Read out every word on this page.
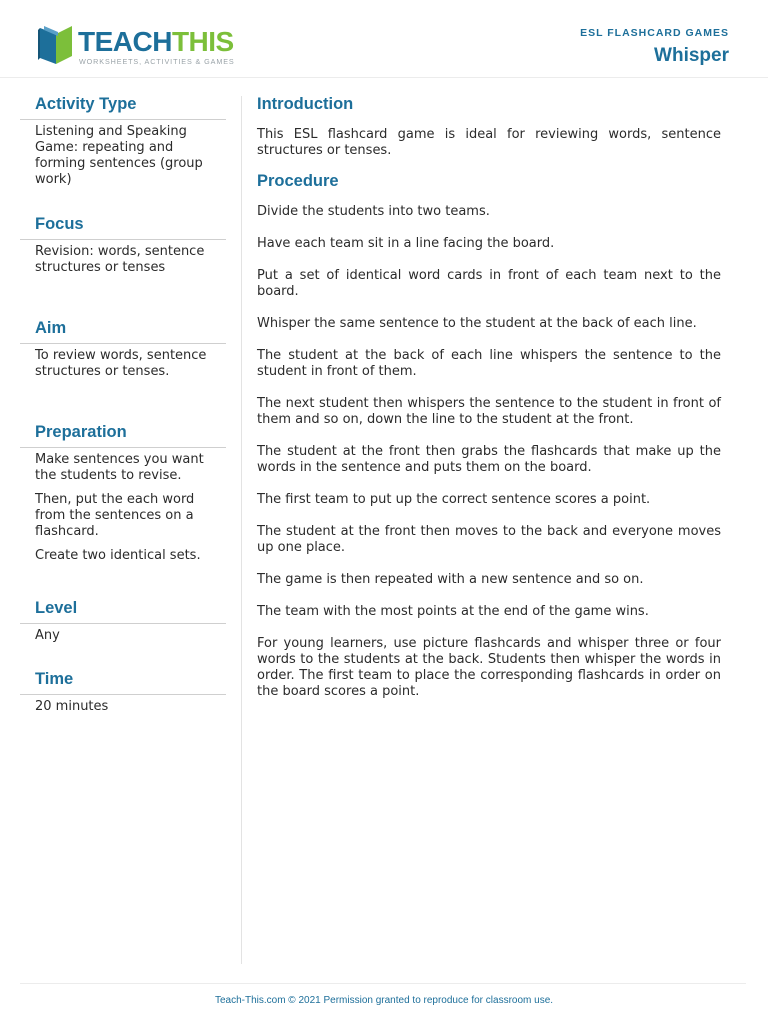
TEACHTHIS
WORKSHEETS, ACTIVITIES & GAMES
ESL FLASHCARD GAMES
Whisper
Activity Type

Listening and Speaking Game: repeating and forming sentences (group work)

Focus

Revision: words, sentence structures or tenses

Aim

To review words, sentence structures or tenses.

Preparation

Make sentences you want the students to revise.

Then, put the each word from the sentences on a flashcard.

Create two identical sets.

Level

Any

Time

20 minutes

Introduction

This ESL flashcard game is ideal for reviewing words, sentence structures or tenses.

Procedure

Divide the students into two teams.

Have each team sit in a line facing the board.

Put a set of identical word cards in front of each team next to the board.

Whisper the same sentence to the student at the back of each line.

The student at the back of each line whispers the sentence to the student in front of them.

The next student then whispers the sentence to the student in front of them and so on, down the line to the student at the front.

The student at the front then grabs the flashcards that make up the words in the sentence and puts them on the board.

The first team to put up the correct sentence scores a point.

The student at the front then moves to the back and everyone moves up one place.

The game is then repeated with a new sentence and so on.

The team with the most points at the end of the game wins.

For young learners, use picture flashcards and whisper three or four words to the students at the back. Students then whisper the words in order. The first team to place the corresponding flashcards in order on the board scores a point.

Teach-This.com © 2021 Permission granted to reproduce for classroom use.
